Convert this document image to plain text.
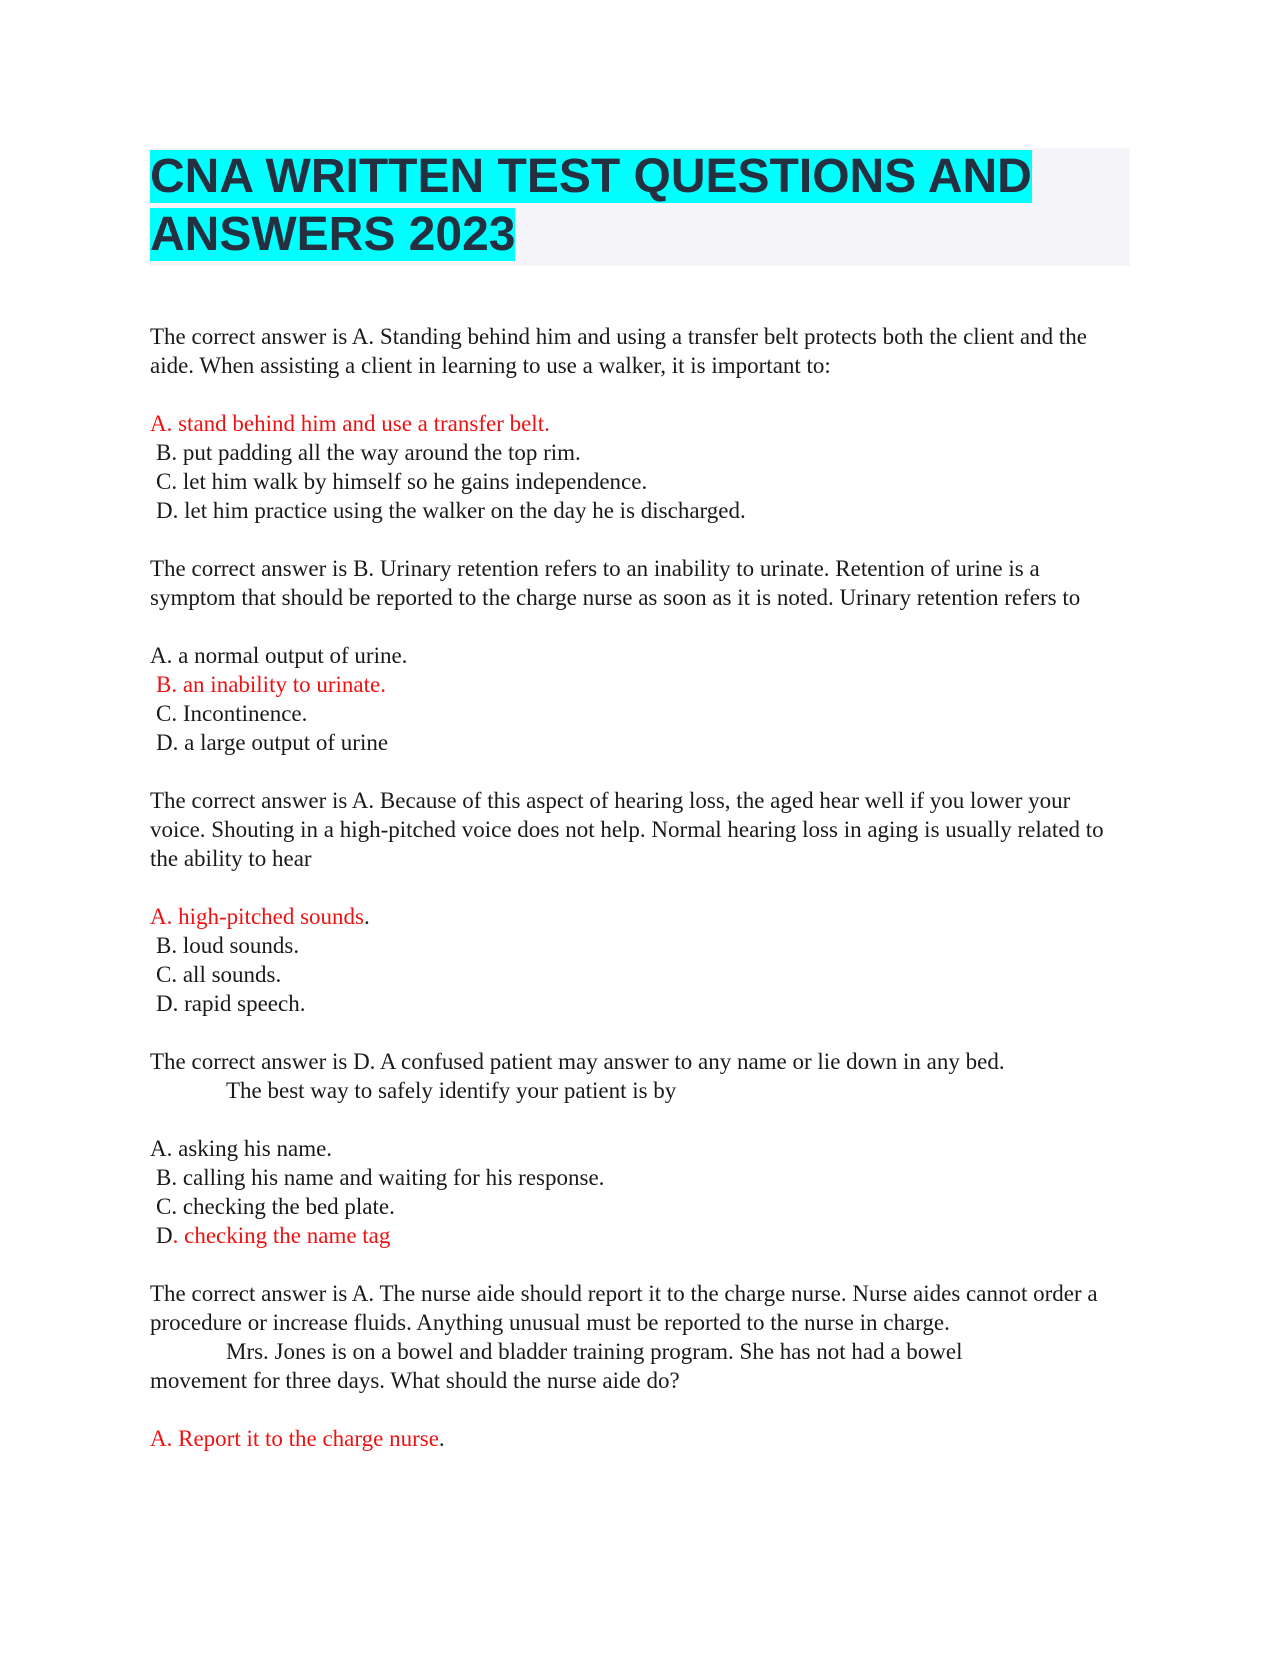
CNA WRITTEN TEST QUESTIONS AND
ANSWERS 2023

The correct answer is A. Standing behind him and using a transfer belt protects both the client and the aide. When assisting a client in learning to use a walker, it is important to:

A. stand behind him and use a transfer belt.
B. put padding all the way around the top rim.
C. let him walk by himself so he gains independence.
D. let him practice using the walker on the day he is discharged.

The correct answer is B. Urinary retention refers to an inability to urinate. Retention of urine is a symptom that should be reported to the charge nurse as soon as it is noted. Urinary retention refers to

A. a normal output of urine.
B. an inability to urinate.
C. Incontinence.
D. a large output of urine

The correct answer is A. Because of this aspect of hearing loss, the aged hear well if you lower your voice. Shouting in a high-pitched voice does not help. Normal hearing loss in aging is usually related to the ability to hear

A. high-pitched sounds.
B. loud sounds.
C. all sounds.
D. rapid speech.

The correct answer is D. A confused patient may answer to any name or lie down in any bed.

The best way to safely identify your patient is by

A. asking his name.
B. calling his name and waiting for his response.
C. checking the bed plate.
D. checking the name tag

The correct answer is A. The nurse aide should report it to the charge nurse. Nurse aides cannot order a procedure or increase fluids. Anything unusual must be reported to the nurse in charge.

Mrs. Jones is on a bowel and bladder training program. She has not had a bowel

movement for three days. What should the nurse aide do?

A. Report it to the charge nurse.
